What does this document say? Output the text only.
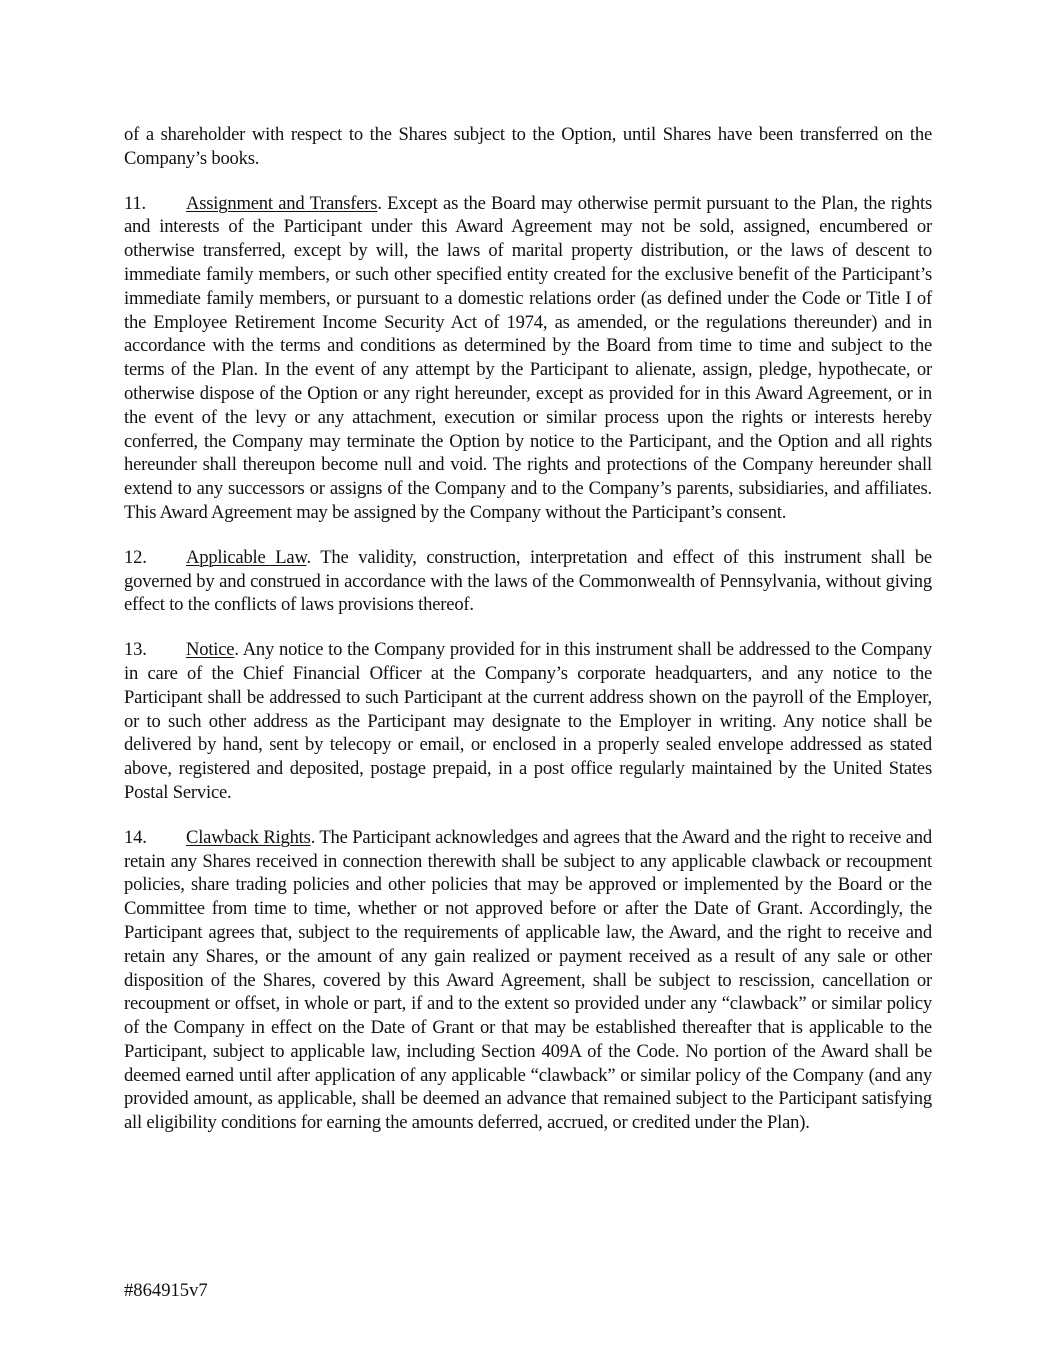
of a shareholder with respect to the Shares subject to the Option, until Shares have been transferred on the Company’s books.

11. Assignment and Transfers. Except as the Board may otherwise permit pursuant to the Plan, the rights and interests of the Participant under this Award Agreement may not be sold, assigned, encumbered or otherwise transferred, except by will, the laws of marital property distribution, or the laws of descent to immediate family members, or such other specified entity created for the exclusive benefit of the Participant’s immediate family members, or pursuant to a domestic relations order (as defined under the Code or Title I of the Employee Retirement Income Security Act of 1974, as amended, or the regulations thereunder) and in accordance with the terms and conditions as determined by the Board from time to time and subject to the terms of the Plan. In the event of any attempt by the Participant to alienate, assign, pledge, hypothecate, or otherwise dispose of the Option or any right hereunder, except as provided for in this Award Agreement, or in the event of the levy or any attachment, execution or similar process upon the rights or interests hereby conferred, the Company may terminate the Option by notice to the Participant, and the Option and all rights hereunder shall thereupon become null and void. The rights and protections of the Company hereunder shall extend to any successors or assigns of the Company and to the Company’s parents, subsidiaries, and affiliates. This Award Agreement may be assigned by the Company without the Participant’s consent.

12. Applicable Law. The validity, construction, interpretation and effect of this instrument shall be governed by and construed in accordance with the laws of the Commonwealth of Pennsylvania, without giving effect to the conflicts of laws provisions thereof.

13. Notice. Any notice to the Company provided for in this instrument shall be addressed to the Company in care of the Chief Financial Officer at the Company’s corporate headquarters, and any notice to the Participant shall be addressed to such Participant at the current address shown on the payroll of the Employer, or to such other address as the Participant may designate to the Employer in writing. Any notice shall be delivered by hand, sent by telecopy or email, or enclosed in a properly sealed envelope addressed as stated above, registered and deposited, postage prepaid, in a post office regularly maintained by the United States Postal Service.

14. Clawback Rights. The Participant acknowledges and agrees that the Award and the right to receive and retain any Shares received in connection therewith shall be subject to any applicable clawback or recoupment policies, share trading policies and other policies that may be approved or implemented by the Board or the Committee from time to time, whether or not approved before or after the Date of Grant. Accordingly, the Participant agrees that, subject to the requirements of applicable law, the Award, and the right to receive and retain any Shares, or the amount of any gain realized or payment received as a result of any sale or other disposition of the Shares, covered by this Award Agreement, shall be subject to rescission, cancellation or recoupment or offset, in whole or part, if and to the extent so provided under any “clawback” or similar policy of the Company in effect on the Date of Grant or that may be established thereafter that is applicable to the Participant, subject to applicable law, including Section 409A of the Code. No portion of the Award shall be deemed earned until after application of any applicable “clawback” or similar policy of the Company (and any provided amount, as applicable, shall be deemed an advance that remained subject to the Participant satisfying all eligibility conditions for earning the amounts deferred, accrued, or credited under the Plan).

#864915v7
